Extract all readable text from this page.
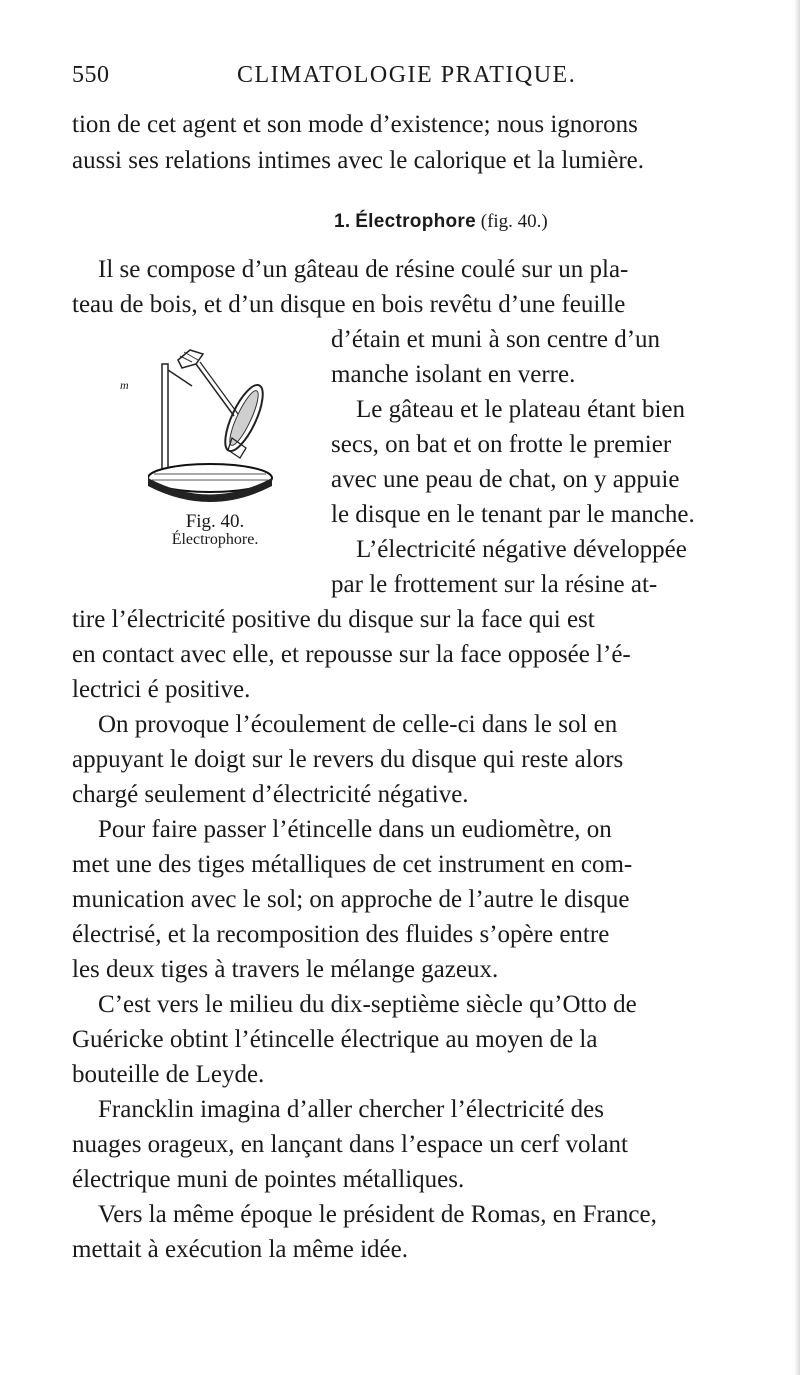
550	CLIMATOLOGIE PRATIQUE.
tion de cet agent et son mode d’existence; nous ignorons
aussi ses relations intimes avec le calorique et la lumière.
1. Électrophore (fig. 40.)
Il se compose d’un gâteau de résine coulé sur un pla-
teau de bois, et d’un disque en bois revêtu d’une feuille
d’étain et muni à son centre d’un
manche isolant en verre.
Le gâteau et le plateau étant bien
secs, on bat et on frotte le premier
avec une peau de chat, on y appuie
le disque en le tenant par le manche.
L’électricité négative développée
par le frottement sur la résine at-
tire l’électricité positive du disque sur la face qui est
en contact avec elle, et repousse sur la face opposée l’é-
lectrici é positive.
On provoque l’écoulement de celle-ci dans le sol en
appuyant le doigt sur le revers du disque qui reste alors
chargé seulement d’électricité négative.
Pour faire passer l’étincelle dans un eudiomètre, on
met une des tiges métalliques de cet instrument en com-
munication avec le sol; on approche de l’autre le disque
électrisé, et la recomposition des fluides s’opère entre
les deux tiges à travers le mélange gazeux.
C’est vers le milieu du dix-septième siècle qu’Otto de
Guéricke obtint l’étincelle électrique au moyen de la
bouteille de Leyde.
Francklin imagina d’aller chercher l’électricité des
nuages orageux, en lançant dans l’espace un cerf volant
électrique muni de pointes métalliques.
Vers la même époque le président de Romas, en France,
mettait à exécution la même idée.
m
Fig. 40.
Électrophore.
